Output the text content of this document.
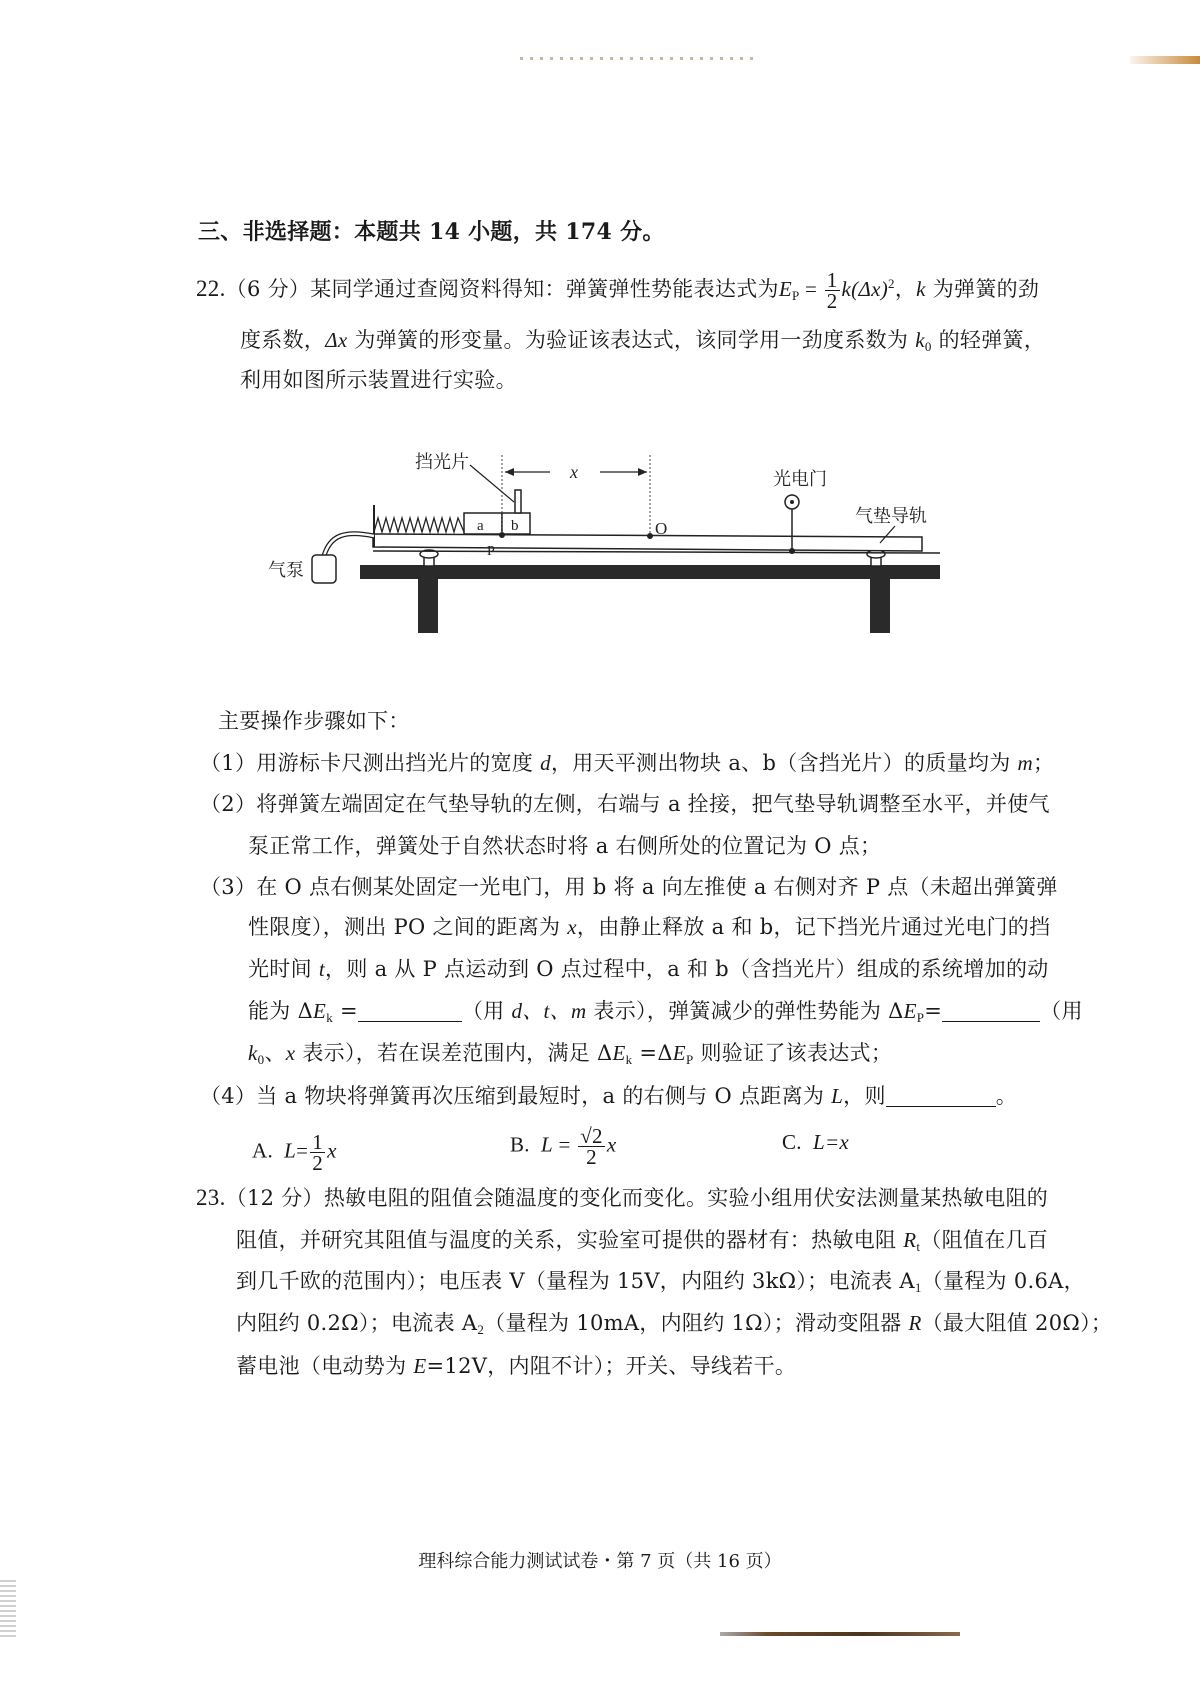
三、非选择题：本题共 14 小题，共 174 分。
22.（6 分）某同学通过查阅资料得知：弹簧弹性势能表达式为$E_P = \frac{1}{2} k(\Delta x)^2$，k 为弹簧的劲
度系数，Δx 为弹簧的形变量。为验证该表达式，该同学用一劲度系数为 $k_0$ 的轻弹簧，
利用如图所示装置进行实验。
a b
挡光片
P
O
x	光电门
气垫导轨
气泵
主要操作步骤如下：
（1）用游标卡尺测出挡光片的宽度 d，用天平测出物块 a、b（含挡光片）的质量均为 m；
（2）将弹簧左端固定在气垫导轨的左侧，右端与 a 拴接，把气垫导轨调整至水平，并使气
泵正常工作，弹簧处于自然状态时将 a 右侧所处的位置记为 O 点；
（3）在 O 点右侧某处固定一光电门，用 b 将 a 向左推使 a 右侧对齐 P 点（未超出弹簧弹
性限度），测出 PO 之间的距离为 x，由静止释放 a 和 b，记下挡光片通过光电门的挡
光时间 t，则 a 从 P 点运动到 O 点过程中，a 和 b（含挡光片）组成的系统增加的动
能为 $\Delta E_k$ =	（用 d、t、m 表示），弹簧减少的弹性势能为 $\Delta E_P=$	（用
$k_0$、x 表示），若在误差范围内，满足 $\Delta E_k =\Delta E_P$ 则验证了该表达式；
（4）当 a 物块将弹簧再次压缩到最短时，a 的右侧与 O 点距离为 L，则	。
A. $L= \frac{1}{2}$ x	B. $L = \frac{√2}{2}$ x	C. L=x
23.（12 分）热敏电阻的阻值会随温度的变化而变化。实验小组用伏安法测量某热敏电阻的
阻值，并研究其阻值与温度的关系，实验室可提供的器材有：热敏电阻 $R_t$（阻值在几百
到几千欧的范围内）；电压表 V（量程为 15V，内阻约 3kΩ）；电流表 $A_1$（量程为 0.6A，
内阻约 0.2Ω）；电流表 $A_2$（量程为 10mA，内阻约 1Ω）；滑动变阻器 R（最大阻值 20Ω）；
蓄电池（电动势为 E=12V，内阻不计）；开关、导线若干。
理科综合能力测试试卷・第 7 页（共 16 页）
